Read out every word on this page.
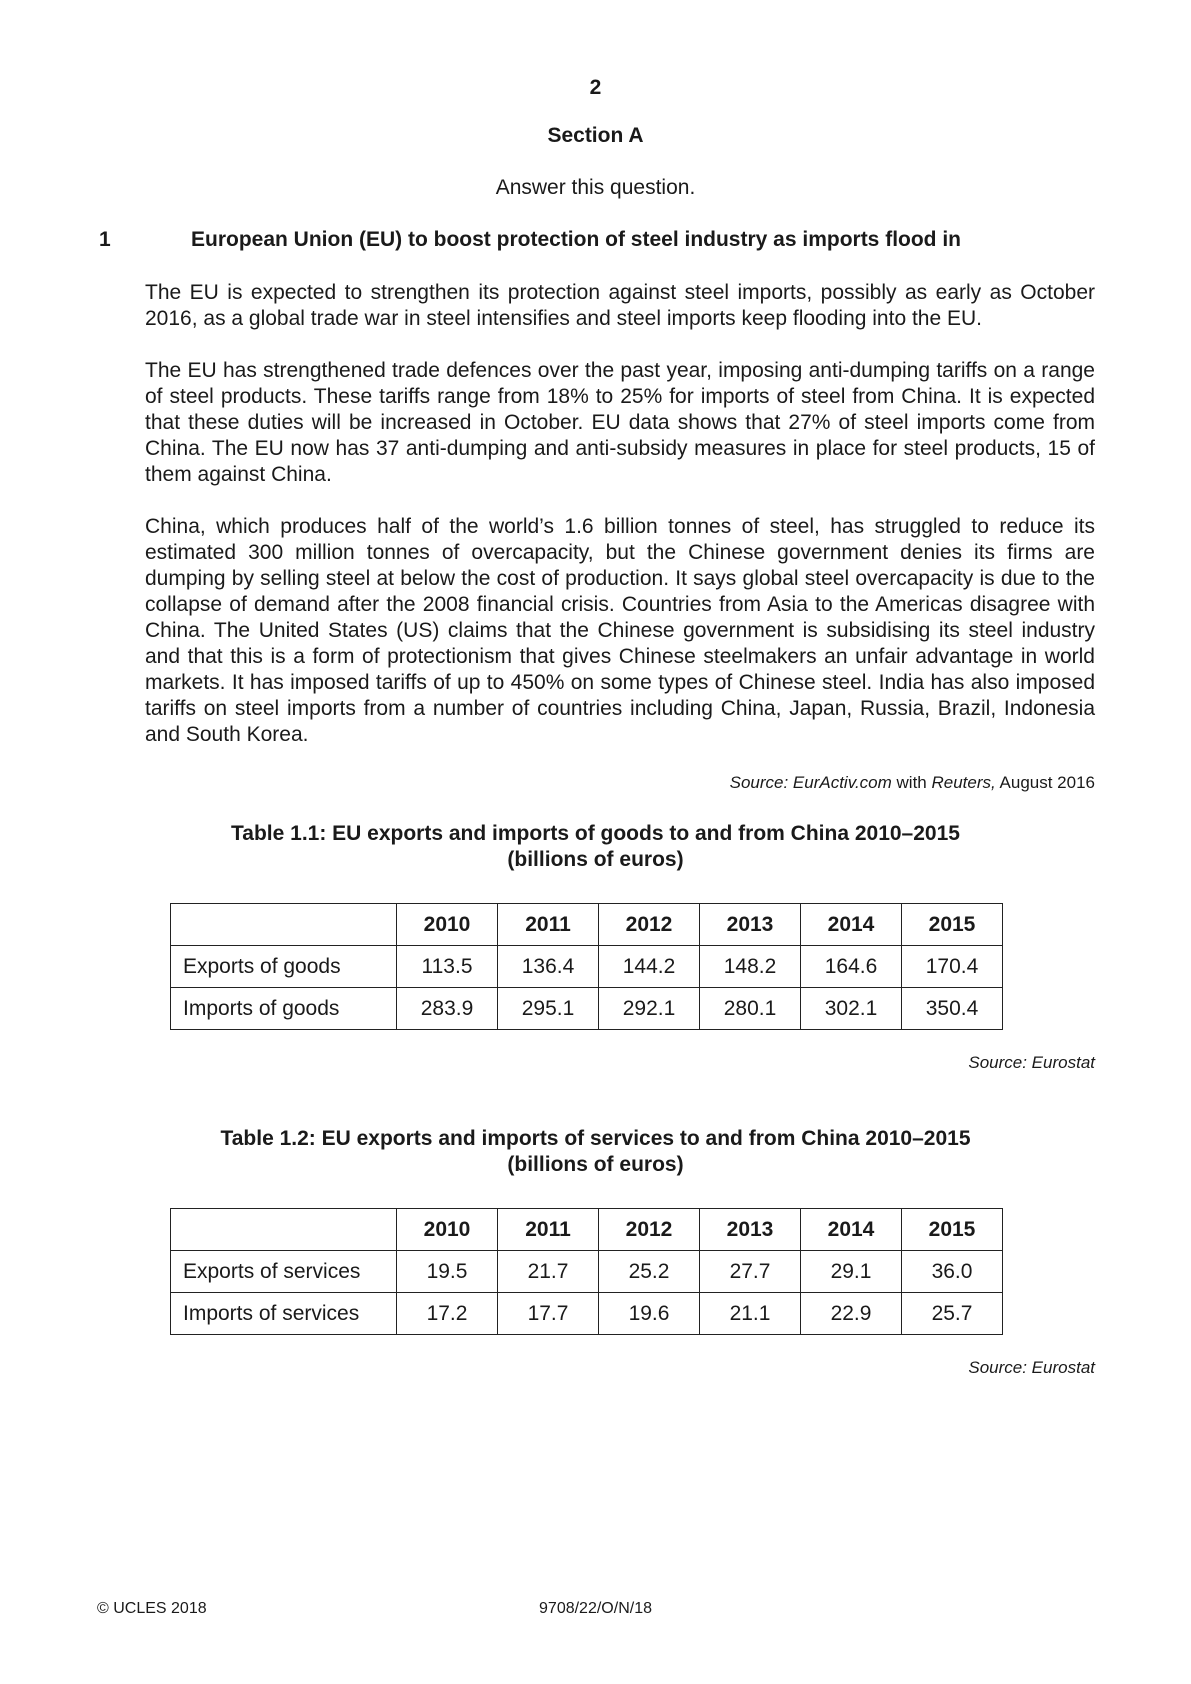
2
Section A
Answer this question.
1	European Union (EU) to boost protection of steel industry as imports flood in

The EU is expected to strengthen its protection against steel imports, possibly as early as October 2016, as a global trade war in steel intensifies and steel imports keep flooding into the EU.

The EU has strengthened trade defences over the past year, imposing anti-dumping tariffs on a range of steel products. These tariffs range from 18% to 25% for imports of steel from China. It is expected that these duties will be increased in October. EU data shows that 27% of steel imports come from China. The EU now has 37 anti-dumping and anti-subsidy measures in place for steel products, 15 of them against China.

China, which produces half of the world’s 1.6 billion tonnes of steel, has struggled to reduce its estimated 300 million tonnes of overcapacity, but the Chinese government denies its firms are dumping by selling steel at below the cost of production. It says global steel overcapacity is due to the collapse of demand after the 2008 financial crisis. Countries from Asia to the Americas disagree with China. The United States (US) claims that the Chinese government is subsidising its steel industry and that this is a form of protectionism that gives Chinese steelmakers an unfair advantage in world markets. It has imposed tariffs of up to 450% on some types of Chinese steel. India has also imposed tariffs on steel imports from a number of countries including China, Japan, Russia, Brazil, Indonesia and South Korea.

Source: EurActiv.com with Reuters, August 2016
Table 1.1: EU exports and imports of goods to and from China 2010–2015
(billions of euros)
	2010	2011	2012	2013	2014	2015
Exports of goods	113.5	136.4	144.2	148.2	164.6	170.4
Imports of goods	283.9	295.1	292.1	280.1	302.1	350.4
Source: Eurostat
Table 1.2: EU exports and imports of services to and from China 2010–2015
(billions of euros)
	2010	2011	2012	2013	2014	2015
Exports of services	19.5	21.7	25.2	27.7	29.1	36.0
Imports of services	17.2	17.7	19.6	21.1	22.9	25.7
Source: Eurostat
© UCLES 2018	9708/22/O/N/18
